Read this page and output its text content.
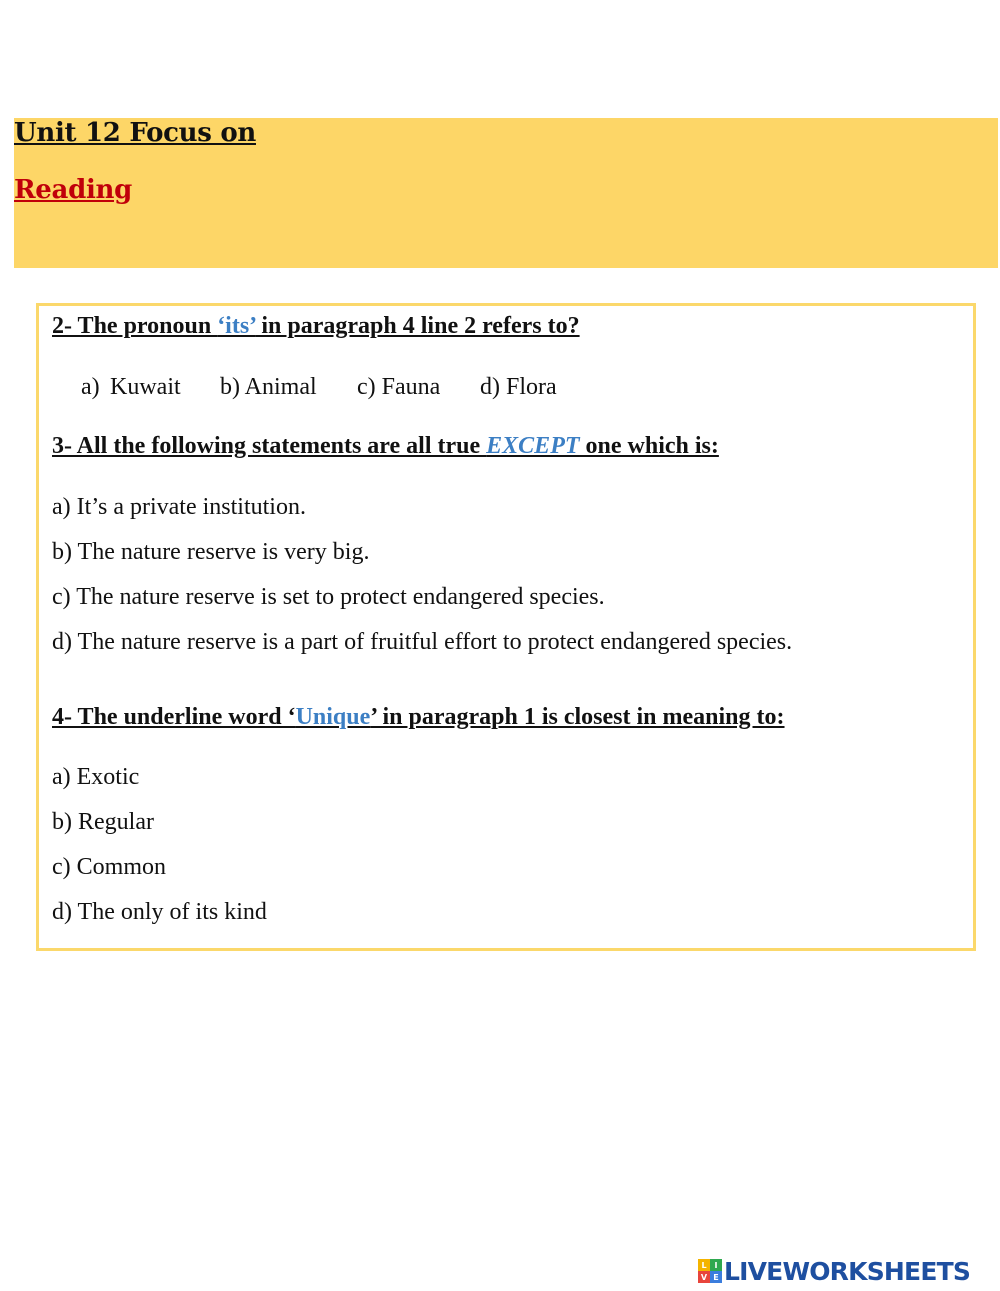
Unit 12 Focus on
Reading
2- The pronoun ‘its’ in paragraph 4 line 2 refers to?
a) Kuwait b) Animal c) Fauna d) Flora
3- All the following statements are all true EXCEPT one which is:
a) It’s a private institution.
b) The nature reserve is very big.
c) The nature reserve is set to protect endangered species.
d) The nature reserve is a part of fruitful effort to protect endangered species.
4- The underline word ‘Unique’ in paragraph 1 is closest in meaning to:
a) Exotic
b) Regular
c) Common
d) The only of its kind
L I
V E LIVEWORKSHEETS
